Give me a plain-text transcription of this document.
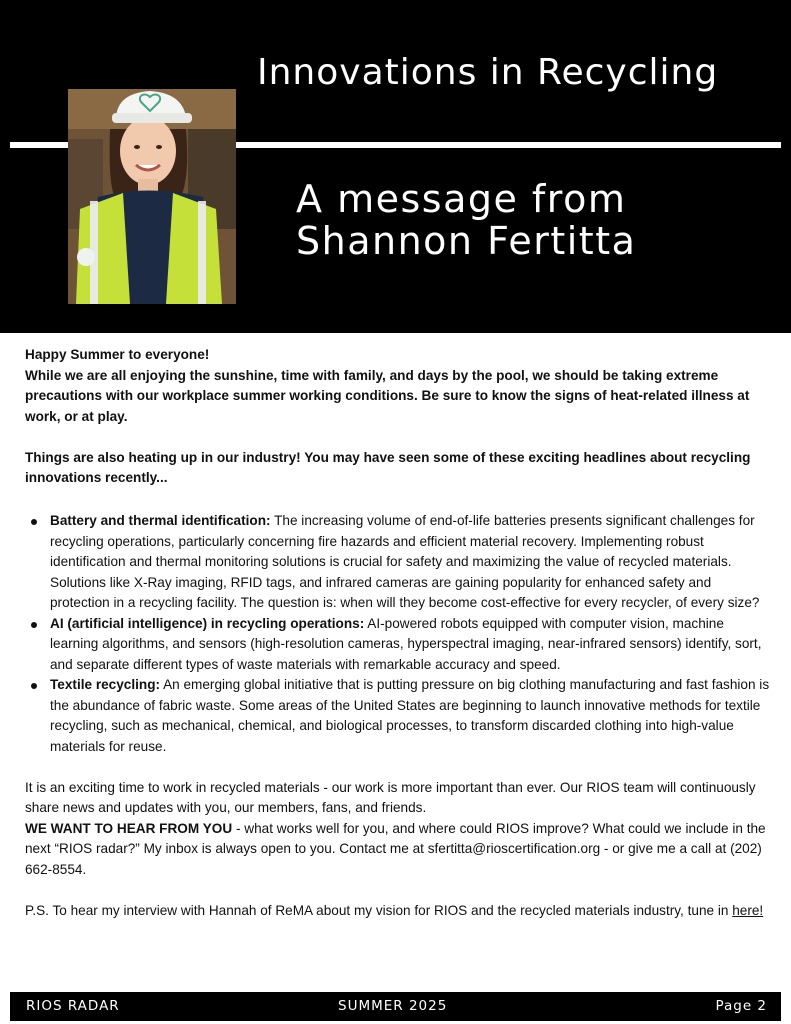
Innovations in Recycling
A message from
Shannon Fertitta

Happy Summer to everyone!

While we are all enjoying the sunshine, time with family, and days by the pool, we should be taking extreme precautions with our workplace summer working conditions. Be sure to know the signs of heat-related illness at work, or at play.

Things are also heating up in our industry! You may have seen some of these exciting headlines about recycling innovations recently...

Battery and thermal identification: The increasing volume of end-of-life batteries presents significant challenges for recycling operations, particularly concerning fire hazards and efficient material recovery. Implementing robust identification and thermal monitoring solutions is crucial for safety and maximizing the value of recycled materials. Solutions like X-Ray imaging, RFID tags, and infrared cameras are gaining popularity for enhanced safety and protection in a recycling facility. The question is: when will they become cost-effective for every recycler, of every size?
AI (artificial intelligence) in recycling operations: AI-powered robots equipped with computer vision, machine learning algorithms, and sensors (high-resolution cameras, hyperspectral imaging, near-infrared sensors) identify, sort, and separate different types of waste materials with remarkable accuracy and speed.
Textile recycling: An emerging global initiative that is putting pressure on big clothing manufacturing and fast fashion is the abundance of fabric waste. Some areas of the United States are beginning to launch innovative methods for textile recycling, such as mechanical, chemical, and biological processes, to transform discarded clothing into high-value materials for reuse.

It is an exciting time to work in recycled materials - our work is more important than ever. Our RIOS team will continuously share news and updates with you, our members, fans, and friends.

WE WANT TO HEAR FROM YOU - what works well for you, and where could RIOS improve? What could we include in the next “RIOS radar?” My inbox is always open to you. Contact me at sfertitta@rioscertification.org - or give me a call at (202) 662-8554.

P.S. To hear my interview with Hannah of ReMA about my vision for RIOS and the recycled materials industry, tune in here!

RIOS RADAR	SUMMER 2025	Page 2
